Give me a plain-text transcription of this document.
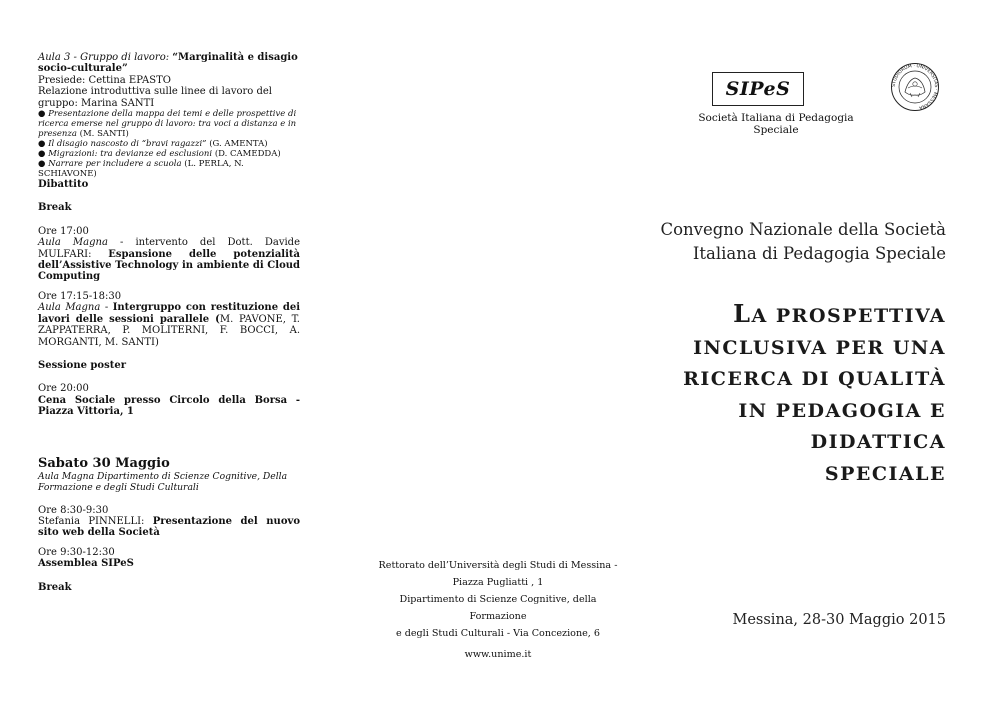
Aula 3 - Gruppo di lavoro: “Marginalità e disagio socio-culturale”

Presiede: Cettina EPASTO

Relazione introduttiva sulle linee di lavoro del gruppo: Marina SANTI

● Presentazione della mappa dei temi e delle prospettive di ricerca emerse nel gruppo di lavoro: tra voci a distanza e in presenza (M. SANTI)

● Il disagio nascosto di “bravi ragazzi” (G. AMENTA)

● Migrazioni: tra devianze ed esclusioni (D. CAMEDDA)

● Narrare per includere a scuola (L. PERLA, N. SCHIAVONE)

Dibattito

Break

Ore 17:00

Aula Magna - intervento del Dott. Davide MULFARI: Espansione delle potenzialità dell’Assistive Technology in ambiente di Cloud Computing

Ore 17:15-18:30

Aula Magna - Intergruppo con restituzione dei lavori delle sessioni parallele (M. PAVONE, T. ZAPPATERRA, P. MOLITERNI, F. BOCCI, A. MORGANTI, M. SANTI)

Sessione poster

Ore 20:00

Cena Sociale presso Circolo della Borsa - Piazza Vittoria, 1

Sabato 30 Maggio

Aula Magna Dipartimento di Scienze Cognitive, Della Formazione e degli Studi Culturali

Ore 8:30-9:30

Stefania PINNELLI: Presentazione del nuovo sito web della Società

Ore 9:30-12:30

Assemblea SIPeS

Break

Rettorato dell’Università degli Studi di Messina -
Piazza Pugliatti , 1
Dipartimento di Scienze Cognitive, della Formazione
e degli Studi Culturali - Via Concezione, 6
www.unime.it
SIPeS
Società Italiana di Pedagogia Speciale
STUDIORUM · UNIVERSITAS · MESSANA
Convegno Nazionale della Società
Italiana di Pedagogia Speciale
LA PROSPETTIVA
INCLUSIVA PER UNA
RICERCA DI QUALITÀ
IN PEDAGOGIA E
DIDATTICA
SPECIALE
Messina, 28-30 Maggio 2015
